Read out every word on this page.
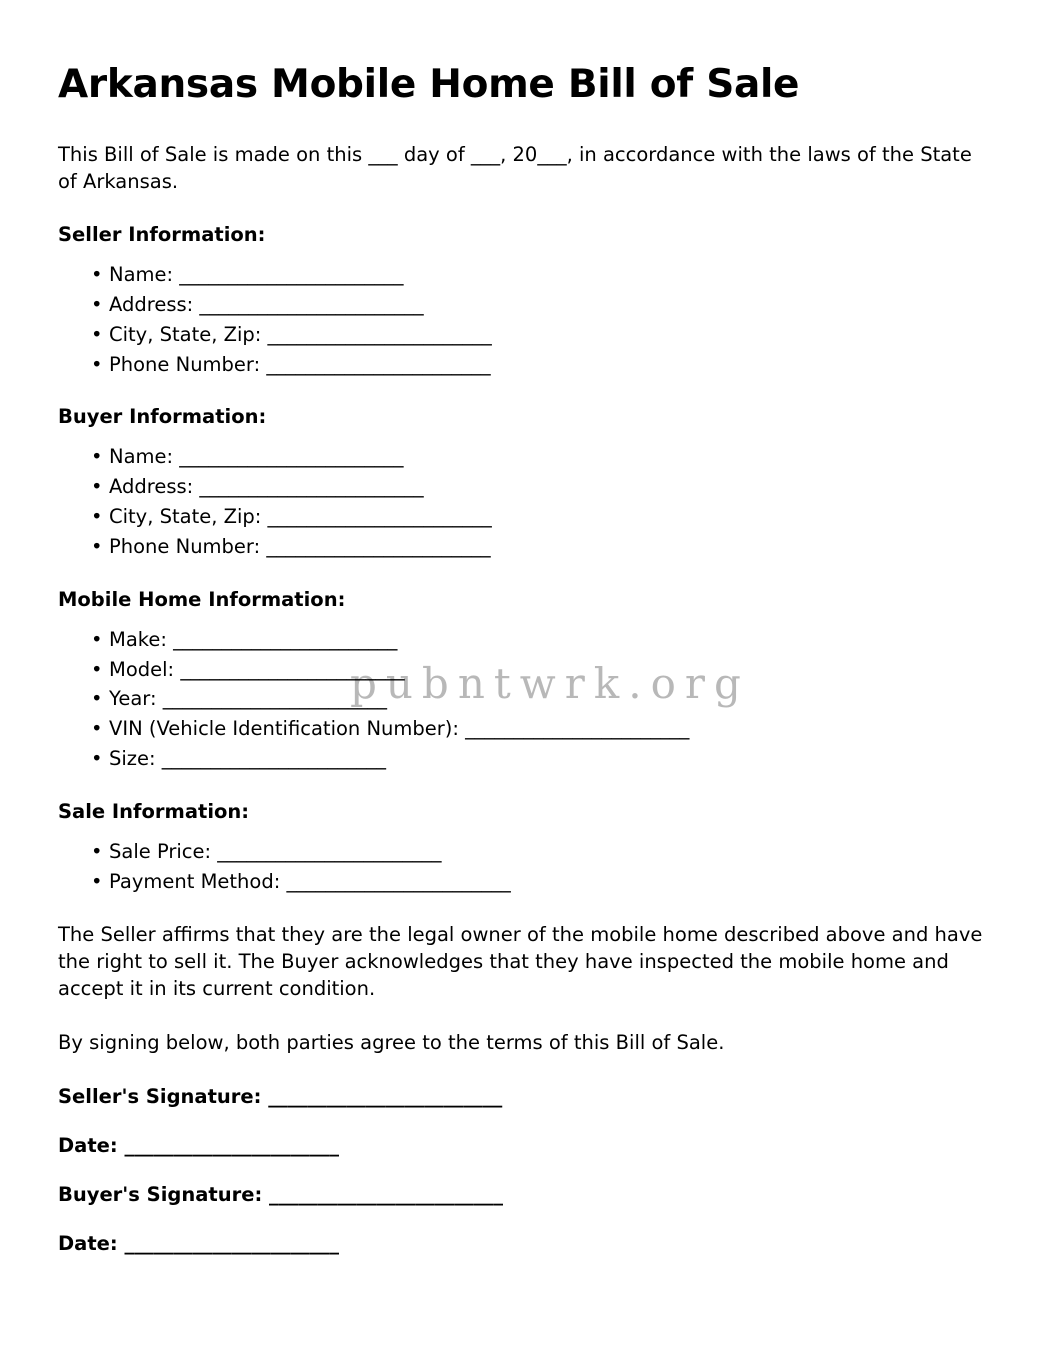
Arkansas Mobile Home Bill of Sale

This Bill of Sale is made on this ___ day of ___, 20___, in accordance with the laws of the State of Arkansas.

Seller Information:
• Name: _______________________
• Address: _______________________
• City, State, Zip: _______________________
• Phone Number: _______________________
Buyer Information:
• Name: _______________________
• Address: _______________________
• City, State, Zip: _______________________
• Phone Number: _______________________
Mobile Home Information:
• Make: _______________________
• Model: _______________________
• Year: _______________________
• VIN (Vehicle Identification Number): _______________________
• Size: _______________________
Sale Information:
• Sale Price: _______________________
• Payment Method: _______________________

The Seller affirms that they are the legal owner of the mobile home described above and have the right to sell it. The Buyer acknowledges that they have inspected the mobile home and accept it in its current condition.

By signing below, both parties agree to the terms of this Bill of Sale.

Seller's Signature: ________________________
Date: ______________________
Buyer's Signature: ________________________
Date: ______________________
pubntwrk.org
